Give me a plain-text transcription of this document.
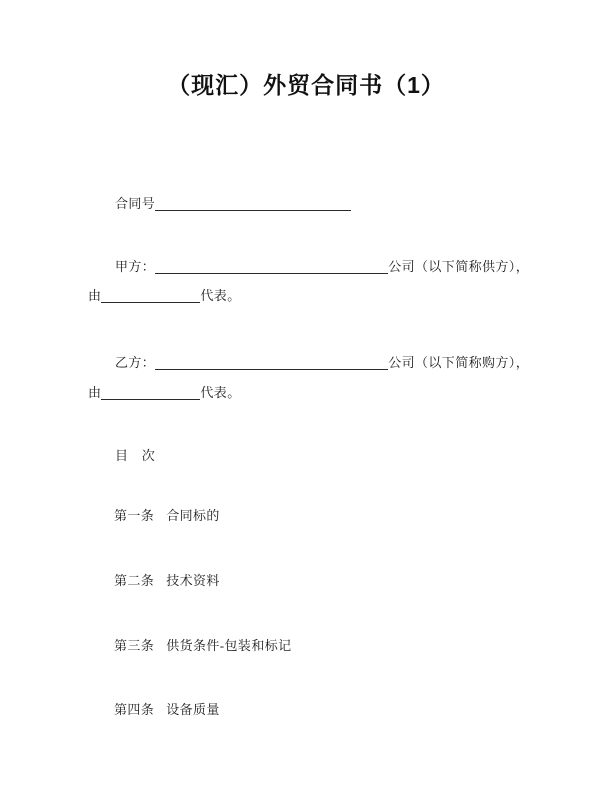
（现汇）外贸合同书（1）
合同号
甲方：	公司（以下简称供方），
由	代表。
乙方：	公司（以下简称购方），
由	代表。
目　次
第一条 合同标的
第二条 技术资料
第三条 供货条件-包装和标记
第四条 设备质量
